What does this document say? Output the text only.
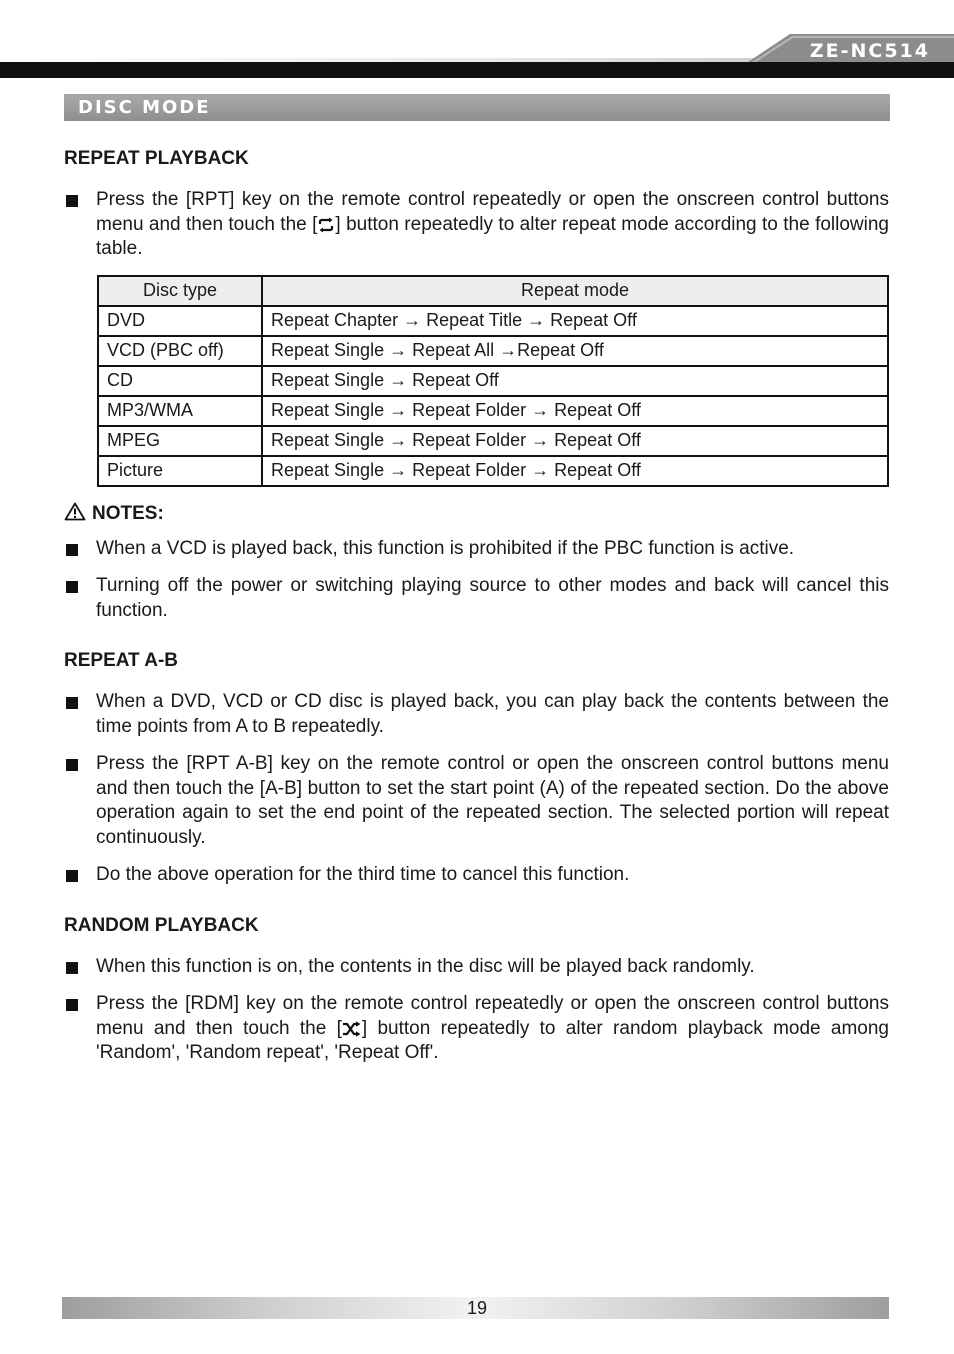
ZE-NC514
DISC MODE
REPEAT PLAYBACK
Press the [RPT] key on the remote control repeatedly or open the onscreen control buttons menu and then touch the [ ] button repeatedly to alter repeat mode according to the following table.
Disc type	Repeat mode
DVD	Repeat Chapter → Repeat Title → Repeat Off
VCD (PBC off)	Repeat Single → Repeat All →Repeat Off
CD	Repeat Single → Repeat Off
MP3/WMA	Repeat Single → Repeat Folder → Repeat Off
MPEG	Repeat Single → Repeat Folder → Repeat Off
Picture	Repeat Single → Repeat Folder → Repeat Off
NOTES:
When a VCD is played back, this function is prohibited if the PBC function is active.
Turning off the power or switching playing source to other modes and back will cancel this function.
REPEAT A-B
When a DVD, VCD or CD disc is played back, you can play back the contents between the time points from A to B repeatedly.
Press the [RPT A-B] key on the remote control or open the onscreen control buttons menu and then touch the [A-B] button to set the start point (A) of the repeated section. Do the above operation again to set the end point of the repeated section. The selected portion will repeat continuously.
Do the above operation for the third time to cancel this function.
RANDOM PLAYBACK
When this function is on, the contents in the disc will be played back randomly.
Press the [RDM] key on the remote control repeatedly or open the onscreen control buttons menu and then touch the [ ] button repeatedly to alter random playback mode among 'Random', 'Random repeat', 'Repeat Off'.
19
